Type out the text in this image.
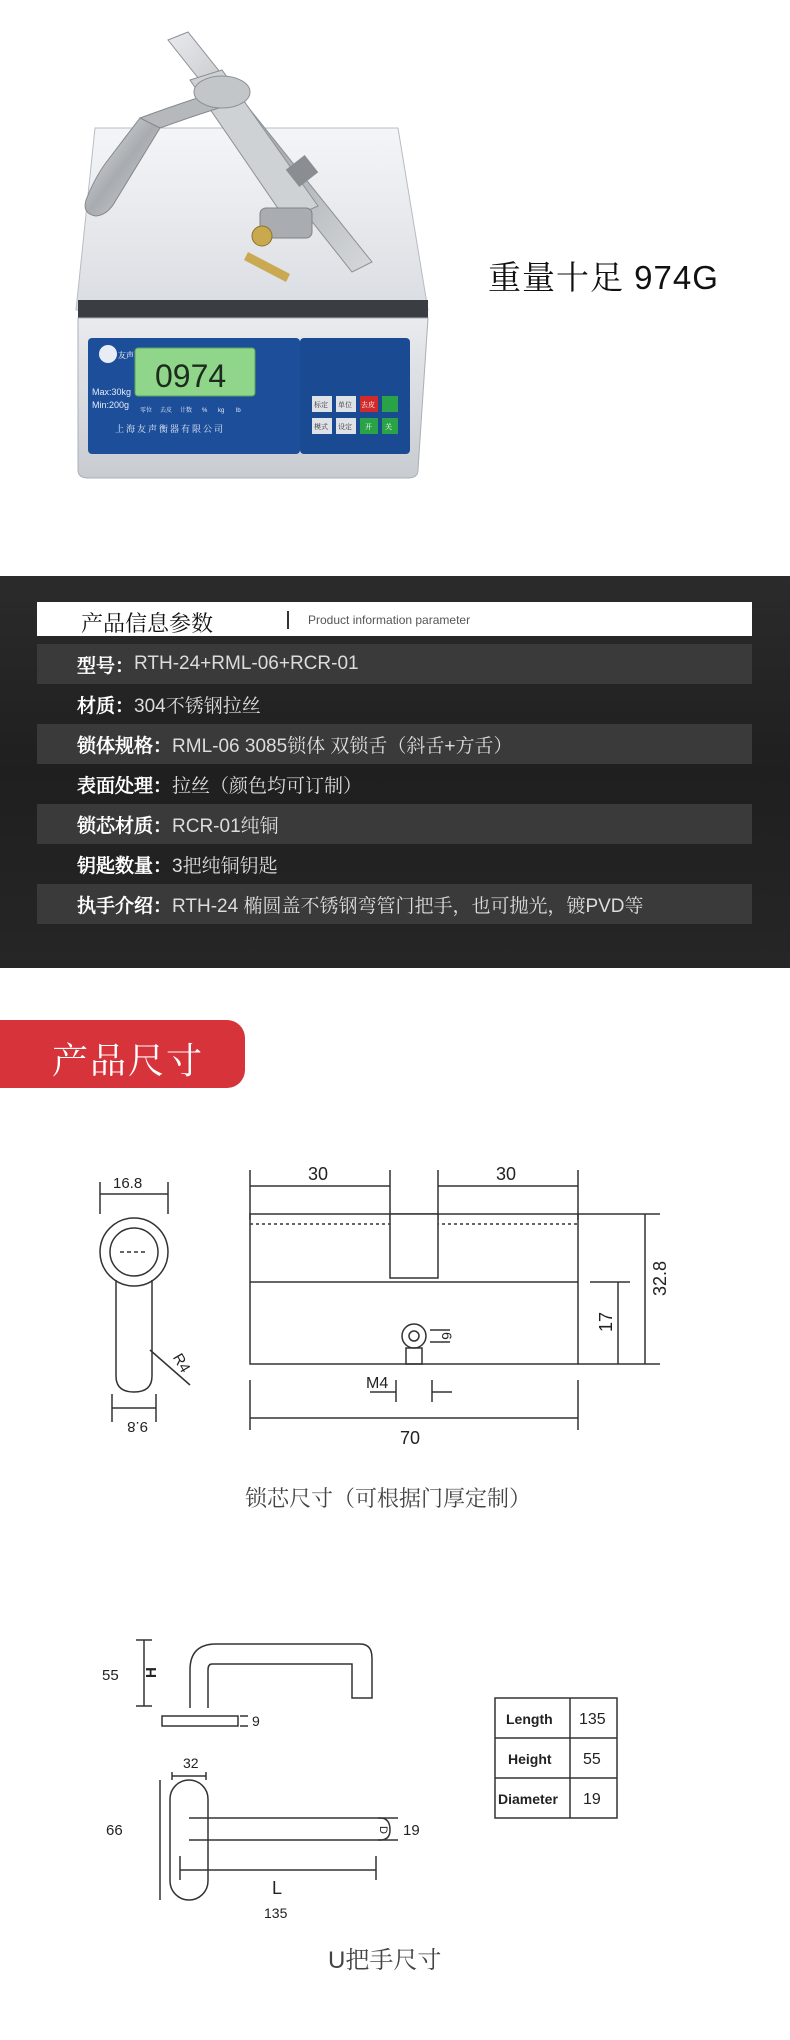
友声
0974
Max:30kg
Min:200g
零位 去皮 计数 % kg lb
上海友声衡器有限公司
标定 单位 去皮
模式 设定 开 关
重量十足 974G
产品信息参数	Product information parameter
型号： RTH-24+RML-06+RCR-01
材质： 304不锈钢拉丝
锁体规格： RML-06 3085锁体 双锁舌（斜舌+方舌）
表面处理： 拉丝（颜色均可订制）
锁芯材质： RCR-01纯铜
钥匙数量： 3把纯铜钥匙
执手介绍： RTH-24 椭圆盖不锈钢弯管门把手，也可抛光，镀PVD等
产品尺寸
16.8
9.8
R4
30	30
70
32.8
17
6
M4
锁芯尺寸（可根据门厚定制）
55 H
9
32
66
L
135
D 19
Length 135
Height 55
Diameter 19
U把手尺寸
